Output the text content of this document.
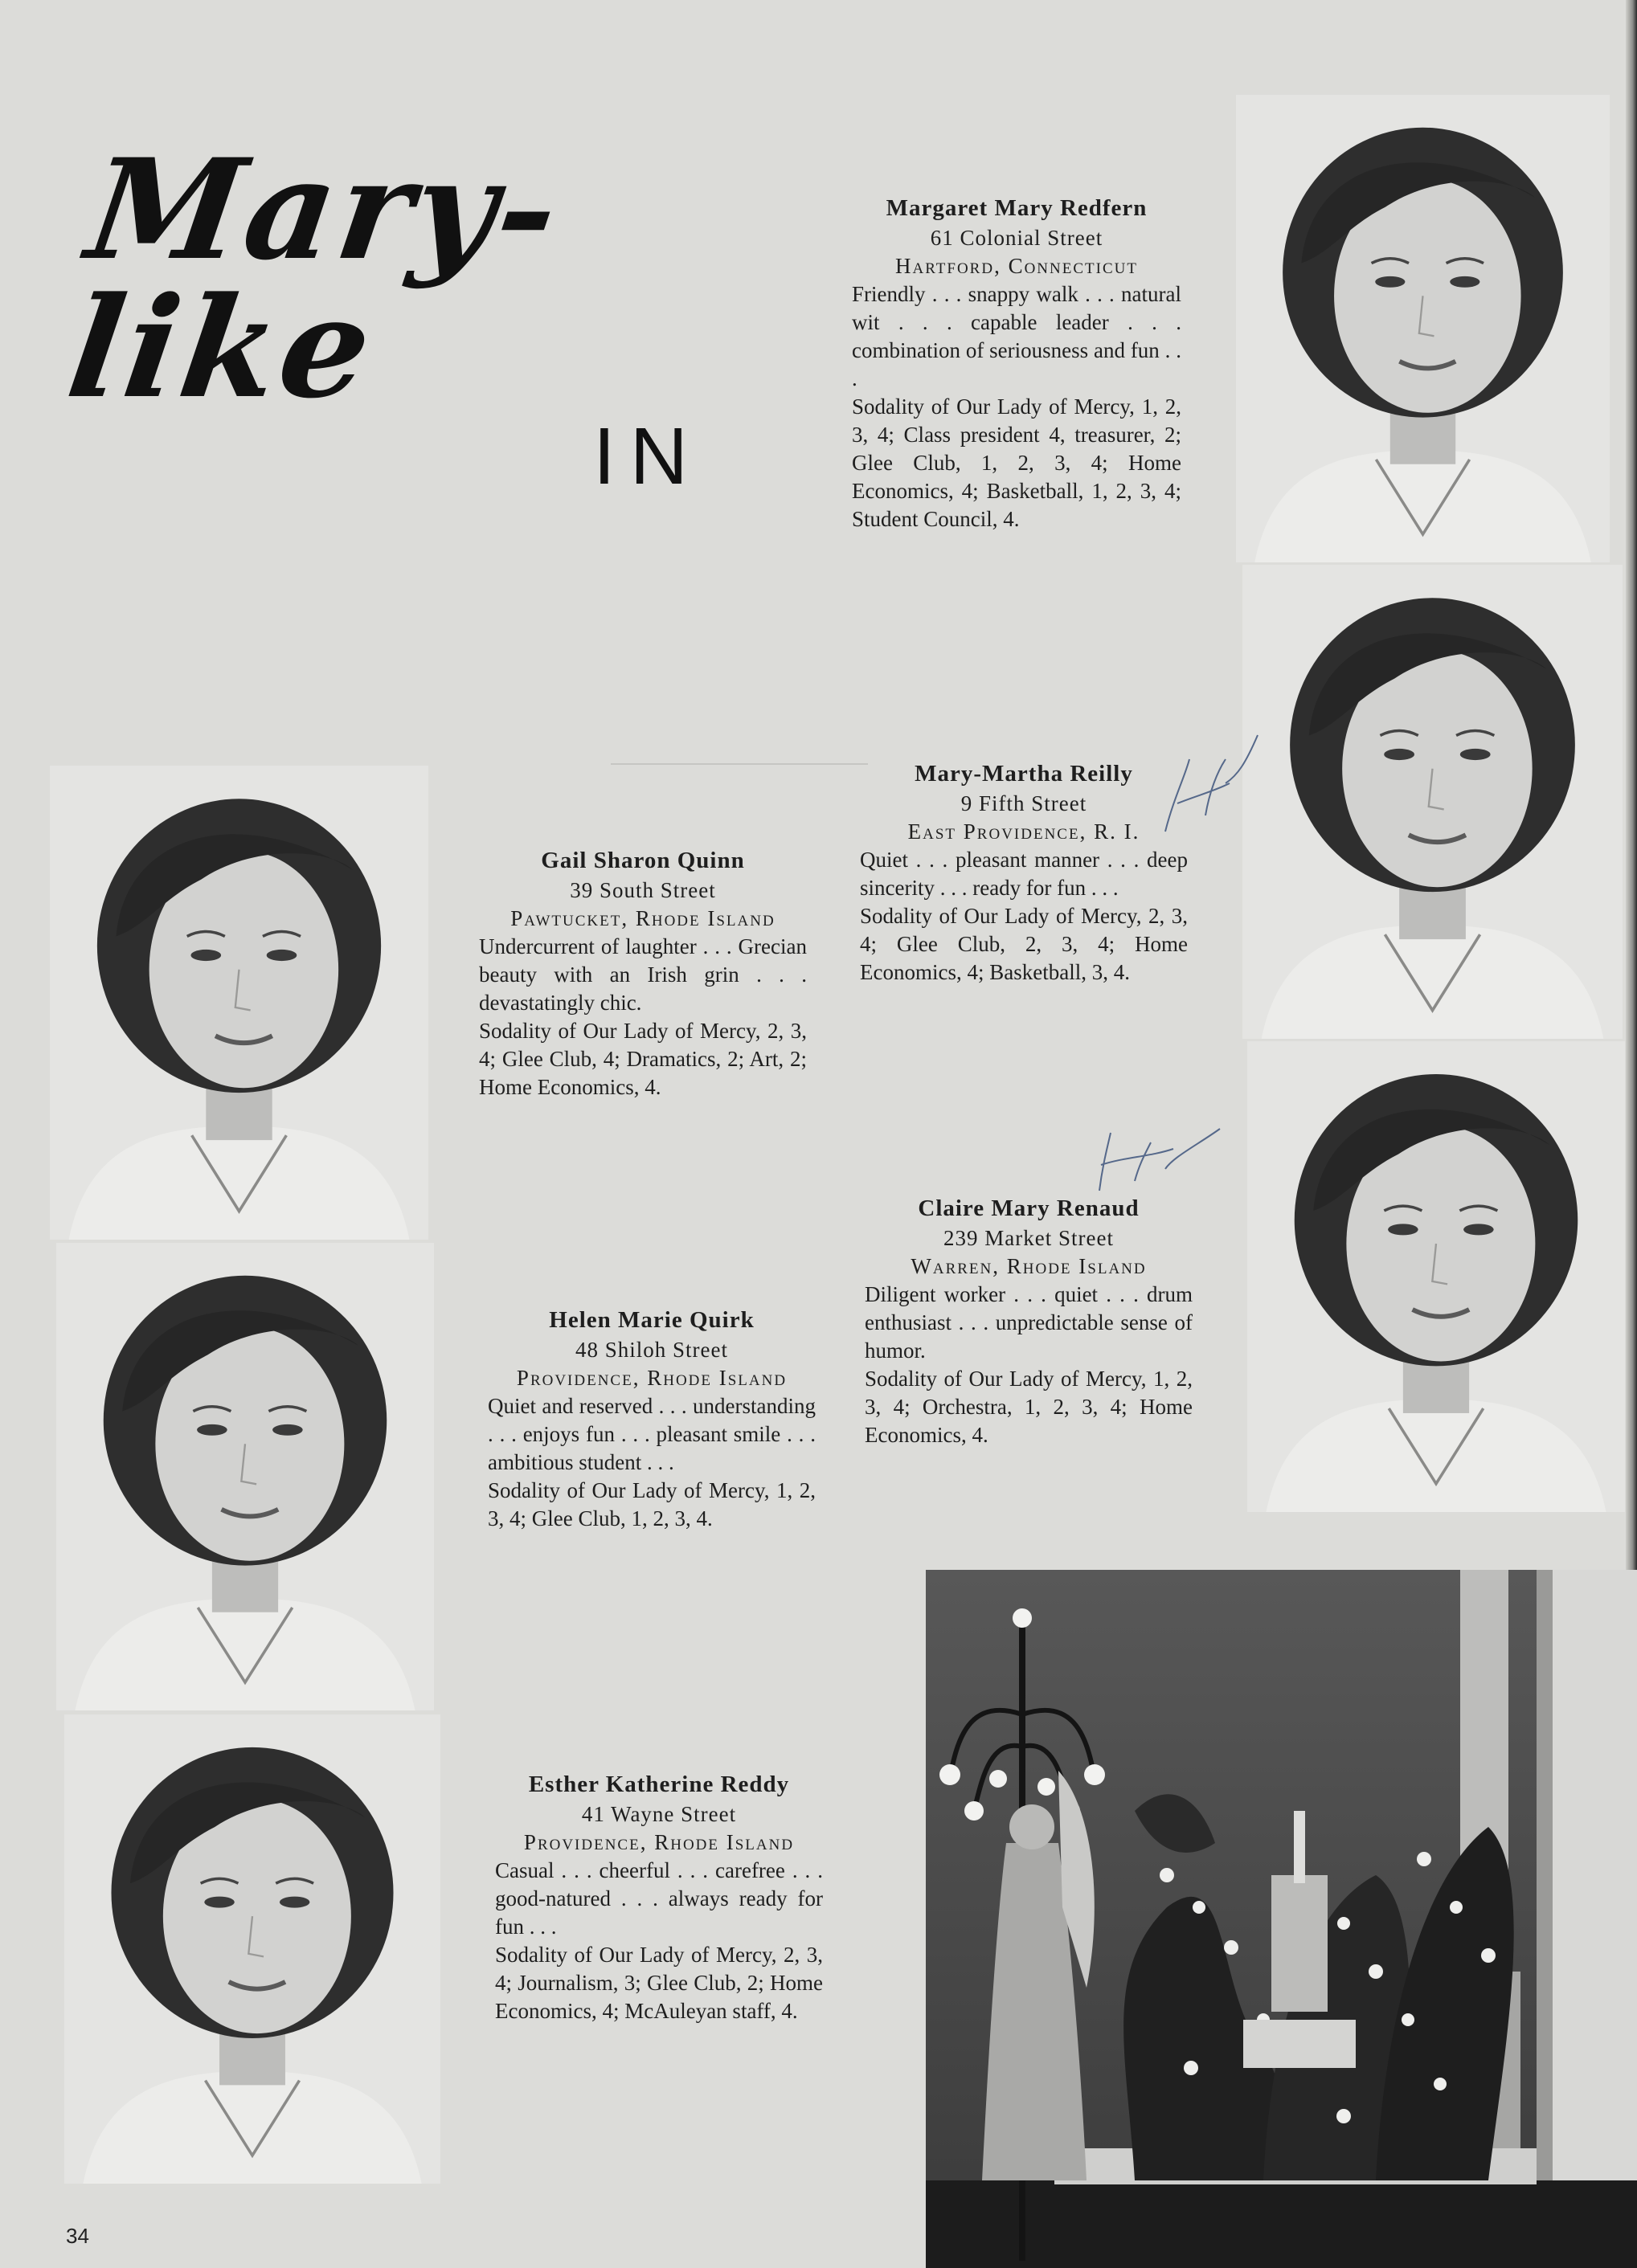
Mary-like
IN
Margaret Mary Redfern
61 Colonial Street
Hartford, Connecticut
Friendly . . . snappy walk . . . natural wit . . . capable leader . . . combination of seriousness and fun . . .
Sodality of Our Lady of Mercy, 1, 2, 3, 4; Class president 4, treasurer, 2; Glee Club, 1, 2, 3, 4; Home Economics, 4; Basketball, 1, 2, 3, 4; Student Council, 4.
Mary-Martha Reilly
9 Fifth Street
East Providence, R. I.
Quiet . . . pleasant manner . . . deep sincerity . . . ready for fun . . .
Sodality of Our Lady of Mercy, 2, 3, 4; Glee Club, 2, 3, 4; Home Economics, 4; Basketball, 3, 4.
Gail Sharon Quinn
39 South Street
Pawtucket, Rhode Island
Undercurrent of laughter . . . Grecian beauty with an Irish grin . . . devastatingly chic.
Sodality of Our Lady of Mercy, 2, 3, 4; Glee Club, 4; Dramatics, 2; Art, 2; Home Economics, 4.
Claire Mary Renaud
239 Market Street
Warren, Rhode Island
Diligent worker . . . quiet . . . drum enthusiast . . . unpredictable sense of humor.
Sodality of Our Lady of Mercy, 1, 2, 3, 4; Orchestra, 1, 2, 3, 4; Home Economics, 4.
Helen Marie Quirk
48 Shiloh Street
Providence, Rhode Island
Quiet and reserved . . . understanding . . . enjoys fun . . . pleasant smile . . . ambitious student . . .
Sodality of Our Lady of Mercy, 1, 2, 3, 4; Glee Club, 1, 2, 3, 4.
Esther Katherine Reddy
41 Wayne Street
Providence, Rhode Island
Casual . . . cheerful . . . carefree . . . good-natured . . . always ready for fun . . .
Sodality of Our Lady of Mercy, 2, 3, 4; Journalism, 3; Glee Club, 2; Home Economics, 4; McAuleyan staff, 4.
34
